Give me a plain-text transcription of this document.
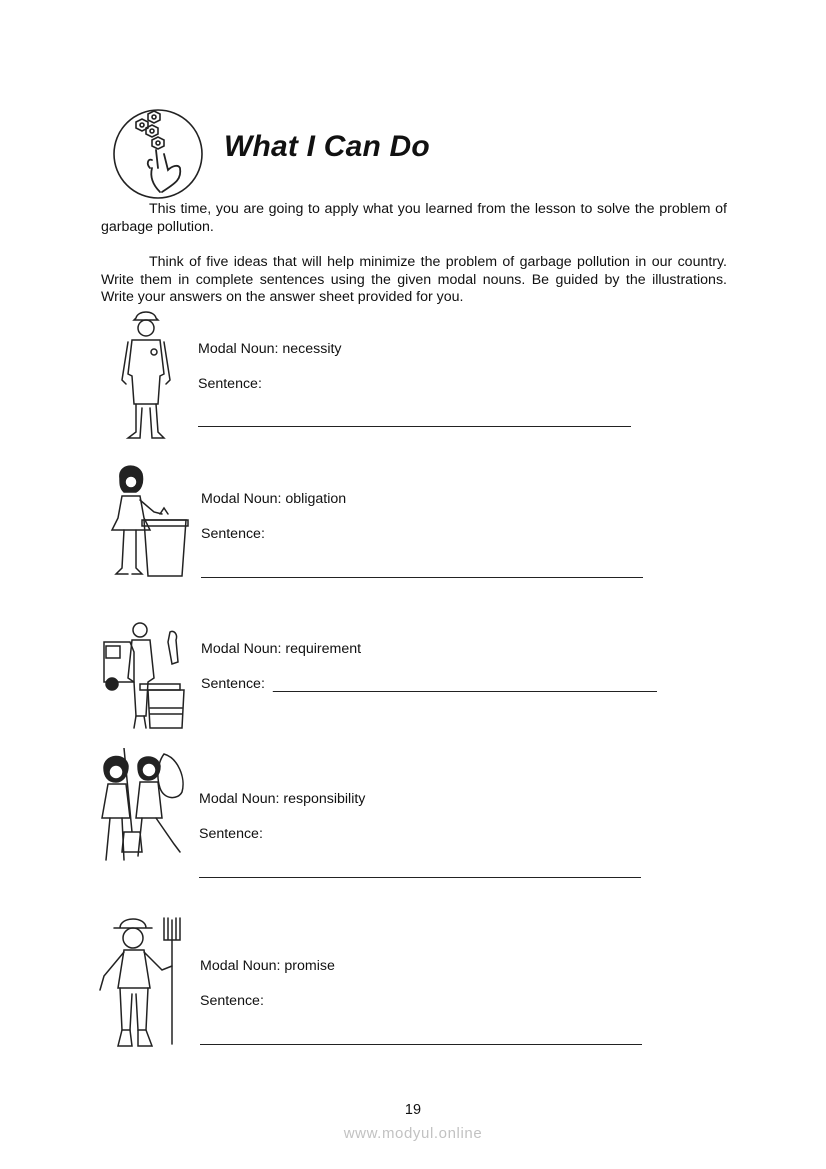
What I Can Do
This time, you are going to apply what you learned from the lesson to solve the problem of garbage pollution.
Think of five ideas that will help minimize the problem of garbage pollution in our country. Write them in complete sentences using the given modal nouns. Be guided by the illustrations. Write your answers on the answer sheet provided for you.
Modal Noun: necessity
Sentence:
Modal Noun: obligation
Sentence:
Modal Noun: requirement
Sentence: __________
Modal Noun: responsibility
Sentence:
Modal Noun: promise
Sentence:
19
www.modyul.online
